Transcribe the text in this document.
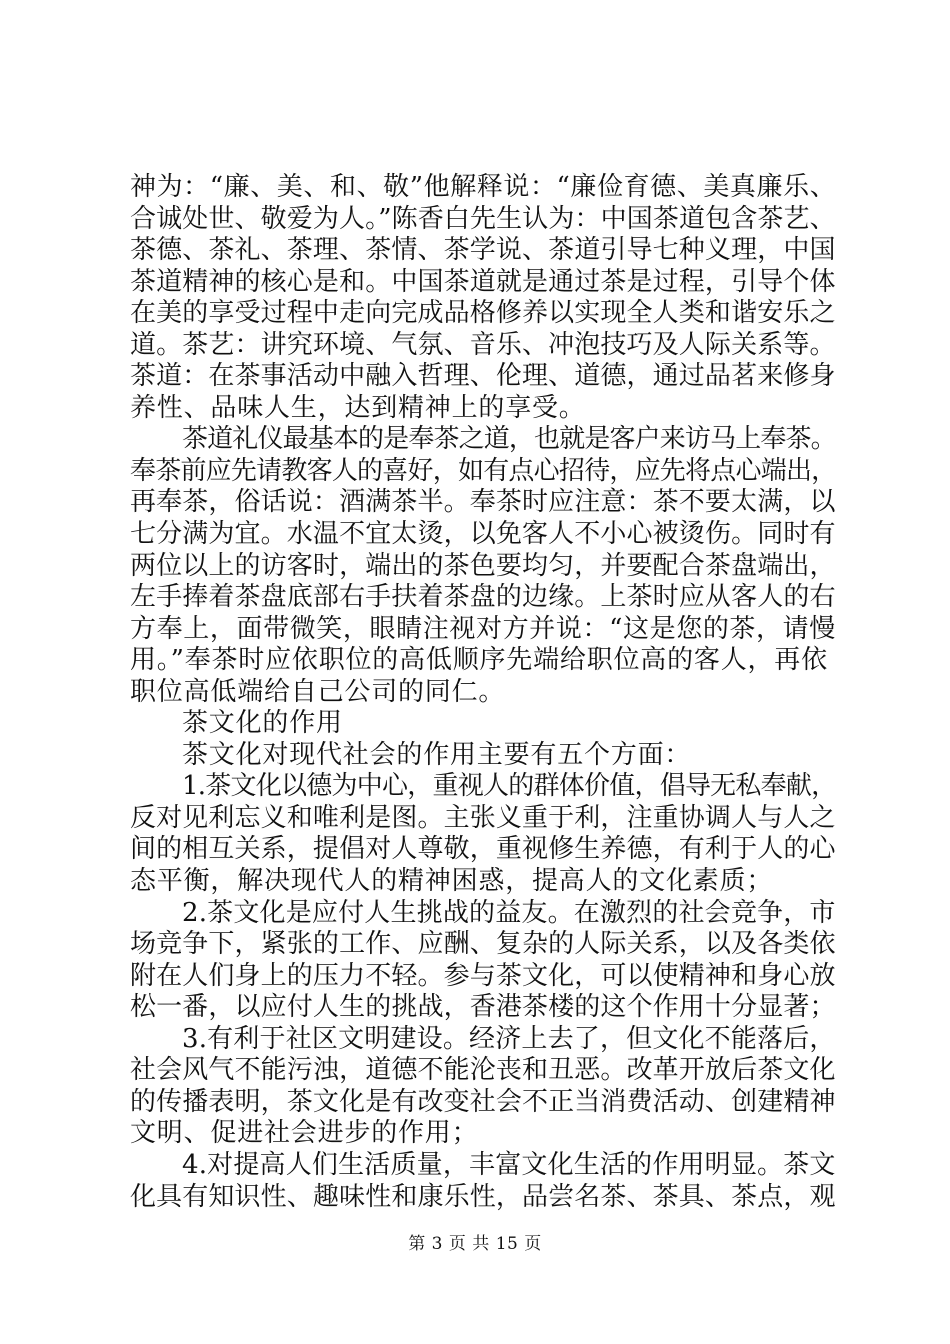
神为：“廉、美、和、敬”他解释说：“廉俭育德、美真廉乐、
合诚处世、敬爱为人。”陈香白先生认为：中国茶道包含茶艺、
茶德、茶礼、茶理、茶情、茶学说、茶道引导七种义理，中国
茶道精神的核心是和。中国茶道就是通过茶是过程，引导个体
在美的享受过程中走向完成品格修养以实现全人类和谐安乐之
道。茶艺：讲究环境、气氛、音乐、冲泡技巧及人际关系等。
茶道：在茶事活动中融入哲理、伦理、道德，通过品茗来修身
养性、品味人生，达到精神上的享受。
茶道礼仪最基本的是奉茶之道，也就是客户来访马上奉茶。
奉茶前应先请教客人的喜好，如有点心招待，应先将点心端出，
再奉茶，俗话说：酒满茶半。奉茶时应注意：茶不要太满，以
七分满为宜。水温不宜太烫，以免客人不小心被烫伤。同时有
两位以上的访客时，端出的茶色要均匀，并要配合茶盘端出，
左手捧着茶盘底部右手扶着茶盘的边缘。上茶时应从客人的右
方奉上，面带微笑，眼睛注视对方并说：“这是您的茶，请慢
用。”奉茶时应依职位的高低顺序先端给职位高的客人，再依
职位高低端给自己公司的同仁。
茶文化的作用
茶文化对现代社会的作用主要有五个方面：
1.茶文化以德为中心，重视人的群体价值，倡导无私奉献，
反对见利忘义和唯利是图。主张义重于利，注重协调人与人之
间的相互关系，提倡对人尊敬，重视修生养德，有利于人的心
态平衡，解决现代人的精神困惑，提高人的文化素质；
2.茶文化是应付人生挑战的益友。在激烈的社会竞争，市
场竞争下，紧张的工作、应酬、复杂的人际关系，以及各类依
附在人们身上的压力不轻。参与茶文化，可以使精神和身心放
松一番，以应付人生的挑战，香港茶楼的这个作用十分显著；
3.有利于社区文明建设。经济上去了，但文化不能落后，
社会风气不能污浊，道德不能沦丧和丑恶。改革开放后茶文化
的传播表明，茶文化是有改变社会不正当消费活动、创建精神
文明、促进社会进步的作用；
4.对提高人们生活质量，丰富文化生活的作用明显。茶文
化具有知识性、趣味性和康乐性，品尝名茶、茶具、茶点，观
第 3 页 共 15 页
